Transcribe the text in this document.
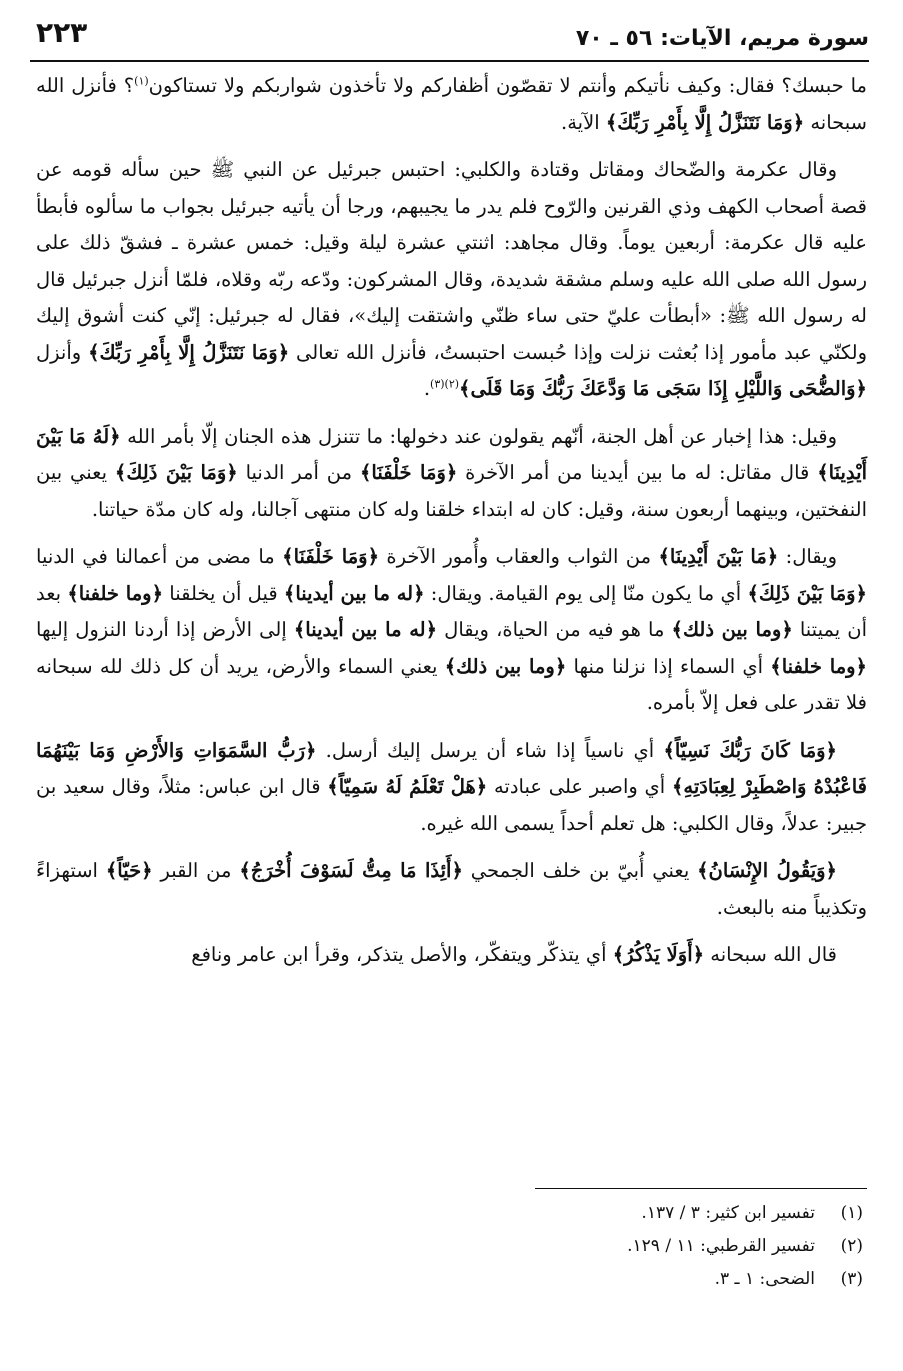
سورة مريم، الآيات: ٥٦ ـ ٧٠
٢٢٣

ما حبسك؟ فقال: وكيف نأتيكم وأنتم لا تقصّون أظفاركم ولا تأخذون شواربكم ولا تستاكون$^{(١)}$؟ فأنزل الله سبحانه ﴿وَمَا نَتَنَزَّلُ إِلَّا بِأَمْرِ رَبِّكَ﴾ الآية.

وقال عكرمة والضّحاك ومقاتل وقتادة والكلبي: احتبس جبرئيل عن النبي ﷺ حين سأله قومه عن قصة أصحاب الكهف وذي القرنين والرّوح فلم يدر ما يجيبهم، ورجا أن يأتيه جبرئيل بجواب ما سألوه فأبطأ عليه قال عكرمة: أربعين يوماً. وقال مجاهد: اثنتي عشرة ليلة وقيل: خمس عشرة ـ فشقّ ذلك على رسول الله صلى الله عليه وسلم مشقة شديدة، وقال المشركون: ودّعه ربّه وقلاه، فلمّا أنزل جبرئيل قال له رسول الله ﷺ: «أبطأت عليّ حتى ساء ظنّي واشتقت إليك»، فقال له جبرئيل: إنّي كنت أشوق إليك ولكنّي عبد مأمور إذا بُعثت نزلت وإذا حُبست احتبستُ، فأنزل الله تعالى ﴿وَمَا نَتَنَزَّلُ إِلَّا بِأَمْرِ رَبِّكَ﴾ وأنزل ﴿وَالضُّحَى وَاللَّيْلِ إِذَا سَجَى مَا وَدَّعَكَ رَبُّكَ وَمَا قَلَى﴾$^{(٢)(٣)}$.

وقيل: هذا إخبار عن أهل الجنة، أنّهم يقولون عند دخولها: ما تتنزل هذه الجنان إلّا بأمر الله ﴿لَهُ مَا بَيْنَ أَيْدِينَا﴾ قال مقاتل: له ما بين أيدينا من أمر الآخرة ﴿وَمَا خَلْفَنَا﴾ من أمر الدنيا ﴿وَمَا بَيْنَ ذَلِكَ﴾ يعني بين النفختين، وبينهما أربعون سنة، وقيل: كان له ابتداء خلقنا وله كان منتهى آجالنا، وله كان مدّة حياتنا.

ويقال: ﴿مَا بَيْنَ أَيْدِينَا﴾ من الثواب والعقاب وأُمور الآخرة ﴿وَمَا خَلْفَنَا﴾ ما مضى من أعمالنا في الدنيا ﴿وَمَا بَيْنَ ذَلِكَ﴾ أي ما يكون منّا إلى يوم القيامة. ويقال: ﴿له ما بين أيدينا﴾ قيل أن يخلقنا ﴿وما خلفنا﴾ بعد أن يميتنا ﴿وما بين ذلك﴾ ما هو فيه من الحياة، ويقال ﴿له ما بين أيدينا﴾ إلى الأرض إذا أردنا النزول إليها ﴿وما خلفنا﴾ أي السماء إذا نزلنا منها ﴿وما بين ذلك﴾ يعني السماء والأرض، يريد أن كل ذلك لله سبحانه فلا تقدر على فعل إلاّ بأمره.

﴿وَمَا كَانَ رَبُّكَ نَسِيّاً﴾ أي ناسياً إذا شاء أن يرسل إليك أرسل. ﴿رَبُّ السَّمَوَاتِ وَالأَرْضِ وَمَا بَيْنَهُمَا فَاعْبُدْهُ وَاصْطَبِرْ لِعِبَادَتِهِ﴾ أي واصبر على عبادته ﴿هَلْ تَعْلَمُ لَهُ سَمِيّاً﴾ قال ابن عباس: مثلاً، وقال سعيد بن جبير: عدلاً، وقال الكلبي: هل تعلم أحداً يسمى الله غيره.

﴿وَيَقُولُ الإِنْسَانُ﴾ يعني أُبيّ بن خلف الجمحي ﴿أَئِذَا مَا مِتُّ لَسَوْفَ أُخْرَجُ﴾ من القبر ﴿حَيّاً﴾ استهزاءً وتكذيباً منه بالبعث.

قال الله سبحانه ﴿أَوَلَا يَذْكُرُ﴾ أي يتذكّر ويتفكّر، والأصل يتذكر، وقرأ ابن عامر ونافع

(١)
تفسير ابن كثير: ٣ / ١٣٧.
(٢)
تفسير القرطبي: ١١ / ١٢٩.
(٣)
الضحى: ١ ـ ٣.
